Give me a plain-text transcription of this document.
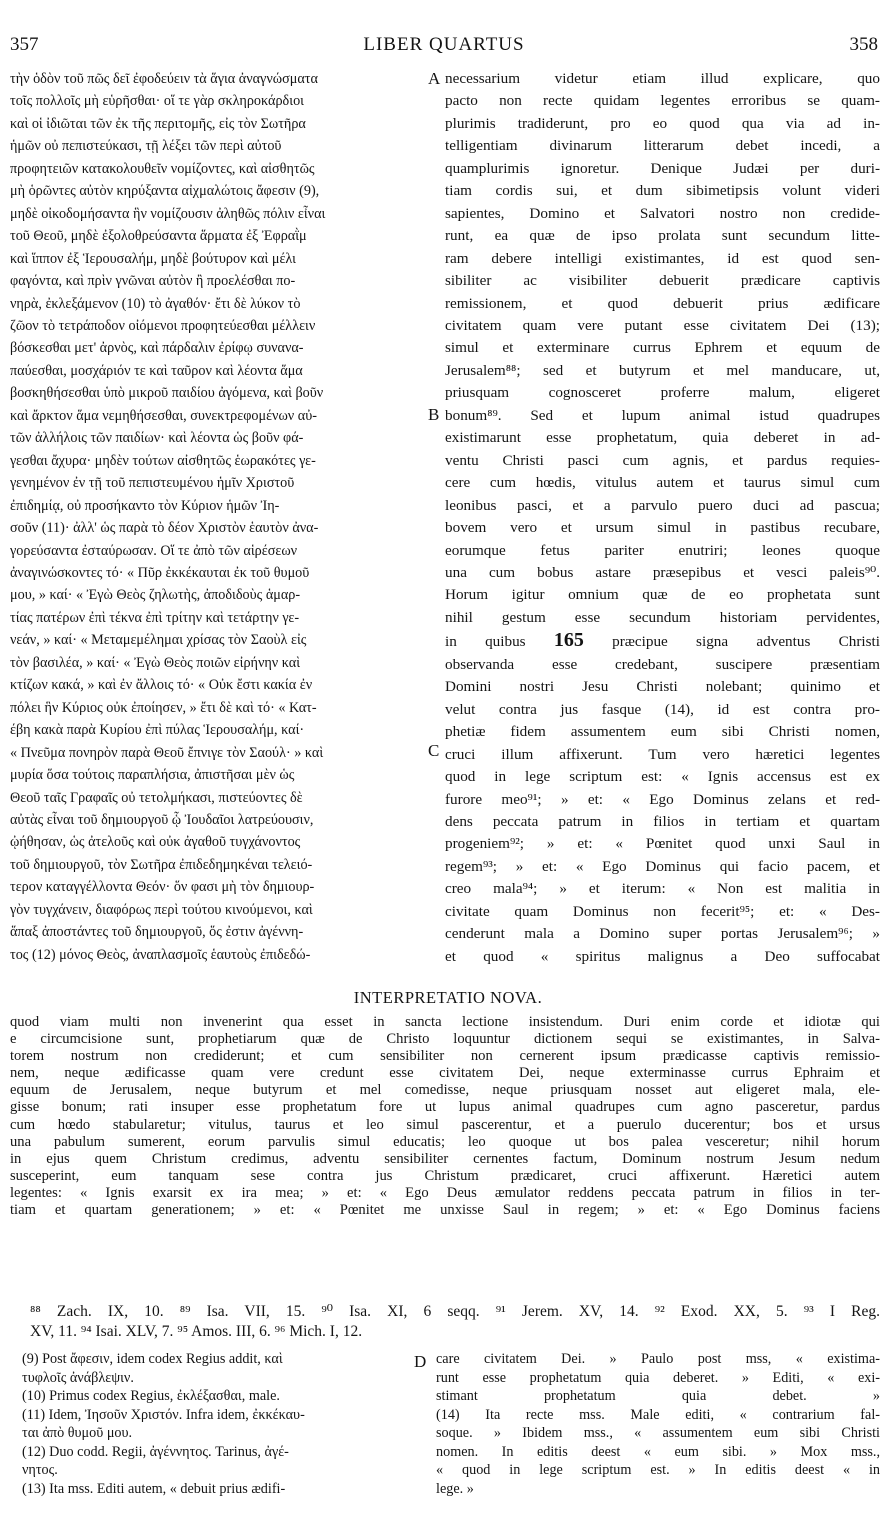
357	LIBER QUARTUS	358
τὴν ὁδὸν τοῦ πῶς δεῖ ἐφοδεύειν τὰ ἅγια ἀναγνώσματα
τοῖς πολλοῖς μὴ εὑρῆσθαι· οἵ τε γὰρ σκληροκάρδιοι
καὶ οἱ ἰδιῶται τῶν ἐκ τῆς περιτομῆς, εἰς τὸν Σωτῆρα
ἡμῶν οὐ πεπιστεύκασι, τῇ λέξει τῶν περὶ αὐτοῦ
προφητειῶν κατακολουθεῖν νομίζοντες, καὶ αἰσθητῶς
μὴ ὁρῶντες αὐτὸν κηρύξαντα αἰχμαλώτοις ἄφεσιν (9),
μηδὲ οἰκοδομήσαντα ἣν νομίζουσιν ἀληθῶς πόλιν εἶναι
τοῦ Θεοῦ, μηδὲ ἐξολοθρεύσαντα ἅρματα ἐξ Ἐφραῒμ
καὶ ἵππον ἐξ Ἱερουσαλήμ, μηδὲ βούτυρον καὶ μέλι
φαγόντα, καὶ πρὶν γνῶναι αὐτὸν ἢ προελέσθαι πο-
νηρὰ, ἐκλεξάμενον (10) τὸ ἀγαθόν· ἔτι δὲ λύκον τὸ
ζῶον τὸ τετράποδον οἰόμενοι προφητεύεσθαι μέλλειν
βόσκεσθαι μετ' ἀρνὸς, καὶ πάρδαλιν ἐρίφῳ συνανα-
παύεσθαι, μοσχάριόν τε καὶ ταῦρον καὶ λέοντα ἅμα
βοσκηθήσεσθαι ὑπὸ μικροῦ παιδίου ἀγόμενα, καὶ βοῦν
καὶ ἄρκτον ἅμα νεμηθήσεσθαι, συνεκτρεφομένων αὐ-
τῶν ἀλλήλοις τῶν παιδίων· καὶ λέοντα ὡς βοῦν φά-
γεσθαι ἄχυρα· μηδὲν τούτων αἰσθητῶς ἑωρακότες γε-
γενημένον ἐν τῇ τοῦ πεπιστευμένου ἡμῖν Χριστοῦ
ἐπιδημίᾳ, οὐ προσήκαντο τὸν Κύριον ἡμῶν Ἰη-
σοῦν (11)· ἀλλ' ὡς παρὰ τὸ δέον Χριστὸν ἑαυτὸν ἀνα-
γορεύσαντα ἐσταύρωσαν. Οἵ τε ἀπὸ τῶν αἱρέσεων
ἀναγινώσκοντες τό· « Πῦρ ἐκκέκαυται ἐκ τοῦ θυμοῦ
μου, » καί· « Ἐγὼ Θεὸς ζηλωτὴς, ἀποδιδοὺς ἁμαρ-
τίας πατέρων ἐπὶ τέκνα ἐπὶ τρίτην καὶ τετάρτην γε-
νεάν, » καί· « Μεταμεμέλημαι χρίσας τὸν Σαοὺλ εἰς
τὸν βασιλέα, » καί· « Ἐγὼ Θεὸς ποιῶν εἰρήνην καὶ
κτίζων κακά, » καὶ ἐν ἄλλοις τό· « Οὐκ ἔστι κακία ἐν
πόλει ἣν Κύριος οὐκ ἐποίησεν, » ἔτι δὲ καὶ τό· « Κατ-
έβη κακὰ παρὰ Κυρίου ἐπὶ πύλας Ἱερουσαλήμ, καί·
« Πνεῦμα πονηρὸν παρὰ Θεοῦ ἔπνιγε τὸν Σαούλ· » καὶ
μυρία ὅσα τούτοις παραπλήσια, ἀπιστῆσαι μὲν ὡς
Θεοῦ ταῖς Γραφαῖς οὐ τετολμήκασι, πιστεύοντες δὲ
αὐτὰς εἶναι τοῦ δημιουργοῦ ᾧ Ἰουδαῖοι λατρεύουσιν,
ᾠήθησαν, ὡς ἀτελοῦς καὶ οὐκ ἀγαθοῦ τυγχάνοντος
τοῦ δημιουργοῦ, τὸν Σωτῆρα ἐπιδεδημηκέναι τελειό-
τερον καταγγέλλοντα Θεόν· ὅν φασι μὴ τὸν δημιουρ-
γὸν τυγχάνειν, διαφόρως περὶ τούτου κινούμενοι, καὶ
ἅπαξ ἀποστάντες τοῦ δημιουργοῦ, ὅς ἐστιν ἀγέννη-
τος (12) μόνος Θεὸς, ἀναπλασμοῖς ἑαυτοὺς ἐπιδεδώ-
A
B
C
necessarium videtur etiam illud explicare, quo
pacto non recte quidam legentes erroribus se quam-
plurimis tradiderunt, pro eo quod qua via ad in-
telligentiam divinarum litterarum debet incedi, a
quamplurimis ignoretur. Denique Judæi per duri-
tiam cordis sui, et dum sibimetipsis volunt videri
sapientes, Domino et Salvatori nostro non credide-
runt, ea quæ de ipso prolata sunt secundum litte-
ram debere intelligi existimantes, id est quod sen-
sibiliter ac visibiliter debuerit prædicare captivis
remissionem, et quod debuerit prius ædificare
civitatem quam vere putant esse civitatem Dei (13);
simul et exterminare currus Ephrem et equum de
Jerusalem⁸⁸; sed et butyrum et mel manducare, ut,
priusquam cognosceret proferre malum, eligeret
bonum⁸⁹. Sed et lupum animal istud quadrupes
existimarunt esse prophetatum, quia deberet in ad-
ventu Christi pasci cum agnis, et pardus requies-
cere cum hœdis, vitulus autem et taurus simul cum
leonibus pasci, et a parvulo puero duci ad pascua;
bovem vero et ursum simul in pastibus recubare,
eorumque fetus pariter enutriri; leones quoque
una cum bobus astare præsepibus et vesci paleis⁹⁰.
Horum igitur omnium quæ de eo prophetata sunt
nihil gestum esse secundum historiam pervidentes,
in quibus 165 præcipue signa adventus Christi
observanda esse credebant, suscipere præsentiam
Domini nostri Jesu Christi nolebant; quinimo et
velut contra jus fasque (14), id est contra pro-
phetiæ fidem assumentem eum sibi Christi nomen,
cruci illum affixerunt. Tum vero hæretici legentes
quod in lege scriptum est: « Ignis accensus est ex
furore meo⁹¹; » et: « Ego Dominus zelans et red-
dens peccata patrum in filios in tertiam et quartam
progeniem⁹²; » et: « Pœnitet quod unxi Saul in
regem⁹³; » et: « Ego Dominus qui facio pacem, et
creo mala⁹⁴; » et iterum: « Non est malitia in
civitate quam Dominus non fecerit⁹⁵; et: « Des-
cenderunt mala a Domino super portas Jerusalem⁹⁶; »
et quod « spiritus malignus a Deo suffocabat
INTERPRETATIO NOVA.
quod viam multi non invenerint qua esset in sancta lectione insistendum. Duri enim corde et idiotæ qui
e circumcisione sunt, prophetiarum quæ de Christo loquuntur dictionem sequi se existimantes, in Salva-
torem nostrum non crediderunt; et cum sensibiliter non cernerent ipsum prædicasse captivis remissio-
nem, neque ædificasse quam vere credunt esse civitatem Dei, neque exterminasse currus Ephraim et
equum de Jerusalem, neque butyrum et mel comedisse, neque priusquam nosset aut eligeret mala, ele-
gisse bonum; rati insuper esse prophetatum fore ut lupus animal quadrupes cum agno pasceretur, pardus
cum hœdo stabularetur; vitulus, taurus et leo simul pascerentur, et a puerulo ducerentur; bos et ursus
una pabulum sumerent, eorum parvulis simul educatis; leo quoque ut bos palea vesceretur; nihil horum
in ejus quem Christum credimus, adventu sensibiliter cernentes factum, Dominum nostrum Jesum nedum
susceperint, eum tanquam sese contra jus Christum prædicaret, cruci affixerunt. Hæretici autem
legentes: « Ignis exarsit ex ira mea; » et: « Ego Deus æmulator reddens peccata patrum in filios in ter-
tiam et quartam generationem; » et: « Pœnitet me unxisse Saul in regem; » et: « Ego Dominus faciens
⁸⁸ Zach. IX, 10. ⁸⁹ Isa. VII, 15. ⁹⁰ Isa. XI, 6 seqq. ⁹¹ Jerem. XV, 14. ⁹² Exod. XX, 5. ⁹³ I Reg.
XV, 11. ⁹⁴ Isai. XLV, 7. ⁹⁵ Amos. III, 6. ⁹⁶ Mich. I, 12.
(9) Post ἄφεσιν, idem codex Regius addit, καὶ
τυφλοῖς ἀνάβλεψιν.
(10) Primus codex Regius, ἐκλέξασθαι, male.
(11) Idem, Ἰησοῦν Χριστόν. Infra idem, ἐκκέκαυ-
ται ἀπὸ θυμοῦ μου.
(12) Duo codd. Regii, ἀγέννητος. Tarinus, ἀγέ-
νητος.
(13) Ita mss. Editi autem, « debuit prius ædifi-
D care civitatem Dei. » Paulo post mss, « existima-
runt esse prophetatum quia deberet. » Editi, « exi-
stimant prophetatum quia debet. »
(14) Ita recte mss. Male editi, « contrarium fal-
soque. » Ibidem mss., « assumentem eum sibi Christi
nomen. In editis deest « eum sibi. » Mox mss.,
« quod in lege scriptum est. » In editis deest « in
lege. »
